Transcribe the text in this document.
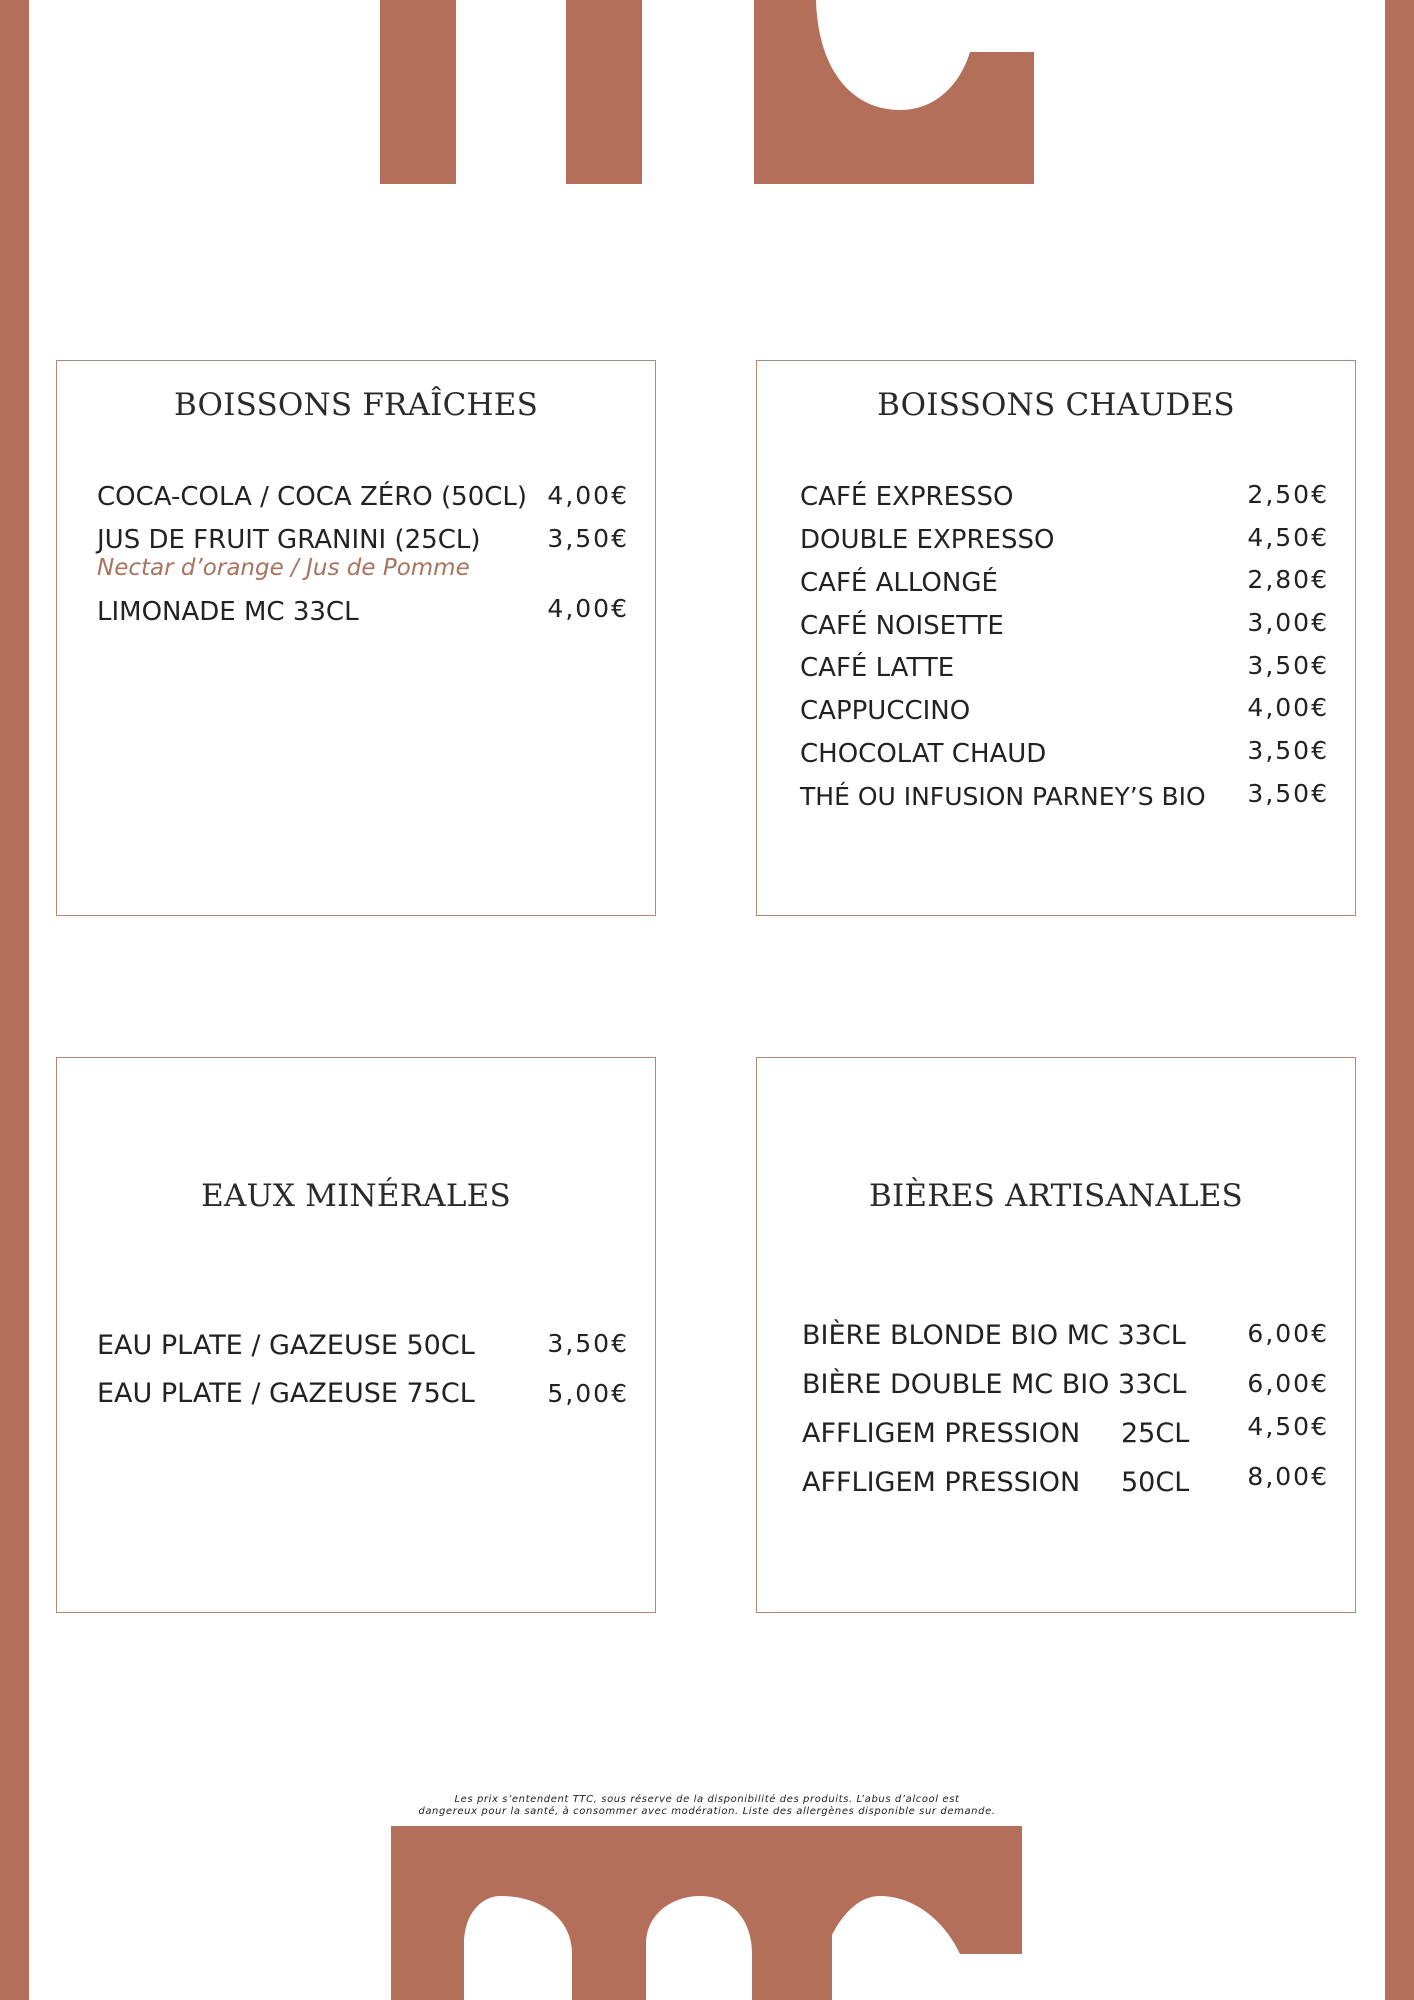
BOISSONS FRAÎCHES
COCA-COLA / COCA ZÉRO (50CL) 4,00€
JUS DE FRUIT GRANINI (25CL)	3,50€
Nectar d’orange / Jus de Pomme
LIMONADE MC 33CL	4,00€
BOISSONS CHAUDES
CAFÉ EXPRESSO	2,50€
DOUBLE EXPRESSO	4,50€
CAFÉ ALLONGÉ	2,80€
CAFÉ NOISETTE	3,00€
CAFÉ LATTE	3,50€
CAPPUCCINO	4,00€
CHOCOLAT CHAUD	3,50€
THÉ OU INFUSION PARNEY’S BIO 3,50€
EAUX MINÉRALES
EAU PLATE / GAZEUSE 50CL	3,50€
EAU PLATE / GAZEUSE 75CL	5,00€
BIÈRES ARTISANALES
BIÈRE BLONDE BIO MC 33CL 6,00€
BIÈRE DOUBLE MC BIO 33CL 6,00€
AFFLIGEM PRESSION 25CL 4,50€
AFFLIGEM PRESSION 50CL 8,00€
Les prix s’entendent TTC, sous réserve de la disponibilité des produits. L’abus d’alcool est
dangereux pour la santé, à consommer avec modération. Liste des allergènes disponible sur demande.
